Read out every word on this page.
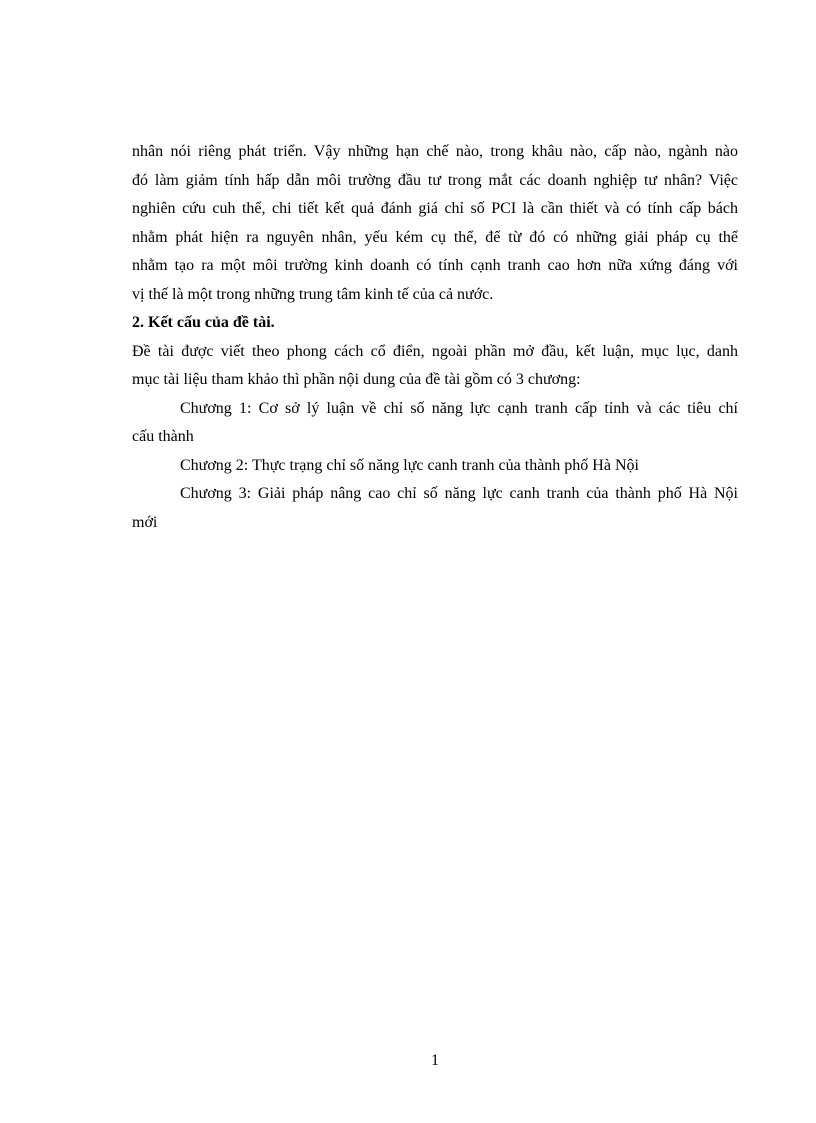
nhân nói riêng phát triển. Vậy những hạn chế nào, trong khâu nào, cấp nào, ngành nào
đó làm giảm tính hấp dẫn môi trường đầu tư trong mắt các doanh nghiệp tư nhân? Việc
nghiên cứu cuh thể, chi tiết kết quả đánh giá chỉ số PCI là cần thiết và có tính cấp bách
nhằm phát hiện ra nguyên nhân, yếu kém cụ thể, để từ đó có những giải pháp cụ thể
nhằm tạo ra một môi trường kinh doanh có tính cạnh tranh cao hơn nữa xứng đáng với
vị thế là một trong những trung tâm kinh tế của cả nước.
2. Kết cấu của đề tài.
Đề tài được viết theo phong cách cổ điển, ngoài phần mở đầu, kết luận, mục lục, danh
mục tài liệu tham khảo thì phần nội dung của đề tài gồm có 3 chương:
Chương 1: Cơ sở lý luận về chỉ số năng lực cạnh tranh cấp tỉnh và các tiêu chí
cấu thành
Chương 2: Thực trạng chỉ số năng lực canh tranh của thành phố Hà Nội
Chương 3: Giải pháp nâng cao chỉ số năng lực canh tranh của thành phố Hà Nội
mới
1
